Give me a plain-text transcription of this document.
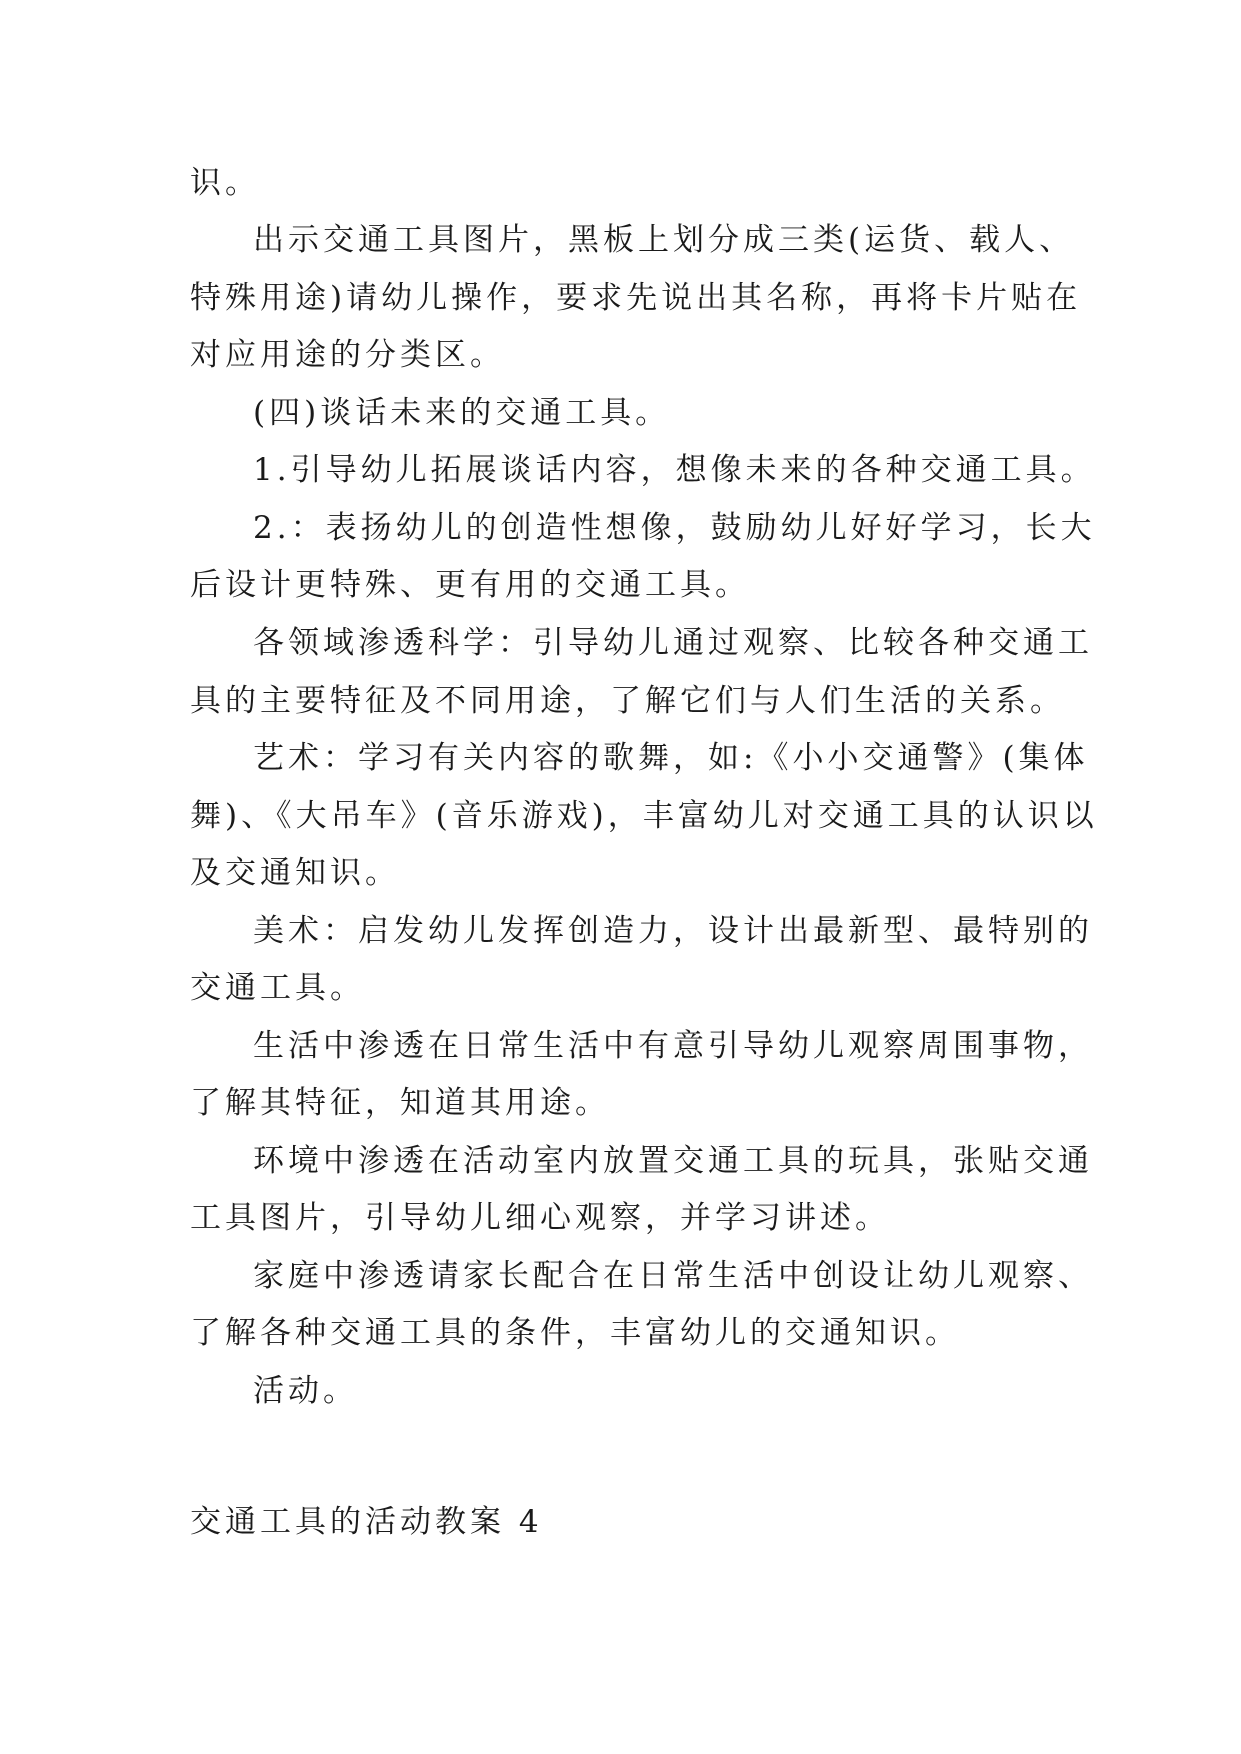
识。
出示交通工具图片，黑板上划分成三类(运货、载人、
特殊用途)请幼儿操作，要求先说出其名称，再将卡片贴在
对应用途的分类区。
(四)谈话未来的交通工具。
1.引导幼儿拓展谈话内容，想像未来的各种交通工具。
2.：表扬幼儿的创造性想像，鼓励幼儿好好学习，长大
后设计更特殊、更有用的交通工具。
各领域渗透科学：引导幼儿通过观察、比较各种交通工
具的主要特征及不同用途，了解它们与人们生活的关系。
艺术：学习有关内容的歌舞，如:《小小交通警》(集体
舞)、《大吊车》(音乐游戏)，丰富幼儿对交通工具的认识以
及交通知识。
美术：启发幼儿发挥创造力，设计出最新型、最特别的
交通工具。
生活中渗透在日常生活中有意引导幼儿观察周围事物，
了解其特征，知道其用途。
环境中渗透在活动室内放置交通工具的玩具，张贴交通
工具图片，引导幼儿细心观察，并学习讲述。
家庭中渗透请家长配合在日常生活中创设让幼儿观察、
了解各种交通工具的条件，丰富幼儿的交通知识。
活动。
交通工具的活动教案 4
